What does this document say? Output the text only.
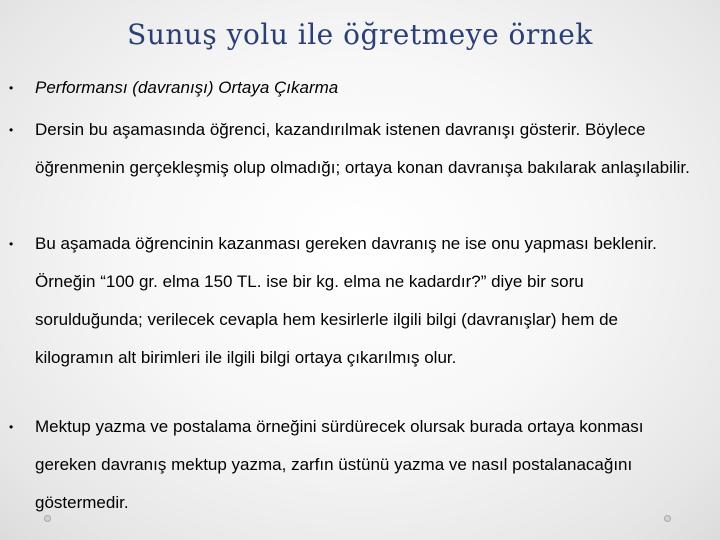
Sunuş yolu ile öğretmeye örnek
• Performansı (davranışı) Ortaya Çıkarma
• Dersin bu aşamasında öğrenci, kazandırılmak istenen davranışı gösterir. Böylece öğrenmenin gerçekleşmiş olup olmadığı; ortaya konan davranışa bakılarak anlaşılabilir.
• Bu aşamada öğrencinin kazanması gereken davranış ne ise onu yapması beklenir. Örneğin “100 gr. elma 150 TL. ise bir kg. elma ne kadardır?” diye bir soru sorulduğunda; verilecek cevapla hem kesirlerle ilgili bilgi (davranışlar) hem de kilogramın alt birimleri ile ilgili bilgi ortaya çıkarılmış olur.
• Mektup yazma ve postalama örneğini sürdürecek olursak burada ortaya konması gereken davranış mektup yazma, zarfın üstünü yazma ve nasıl postalanacağını göstermedir.
